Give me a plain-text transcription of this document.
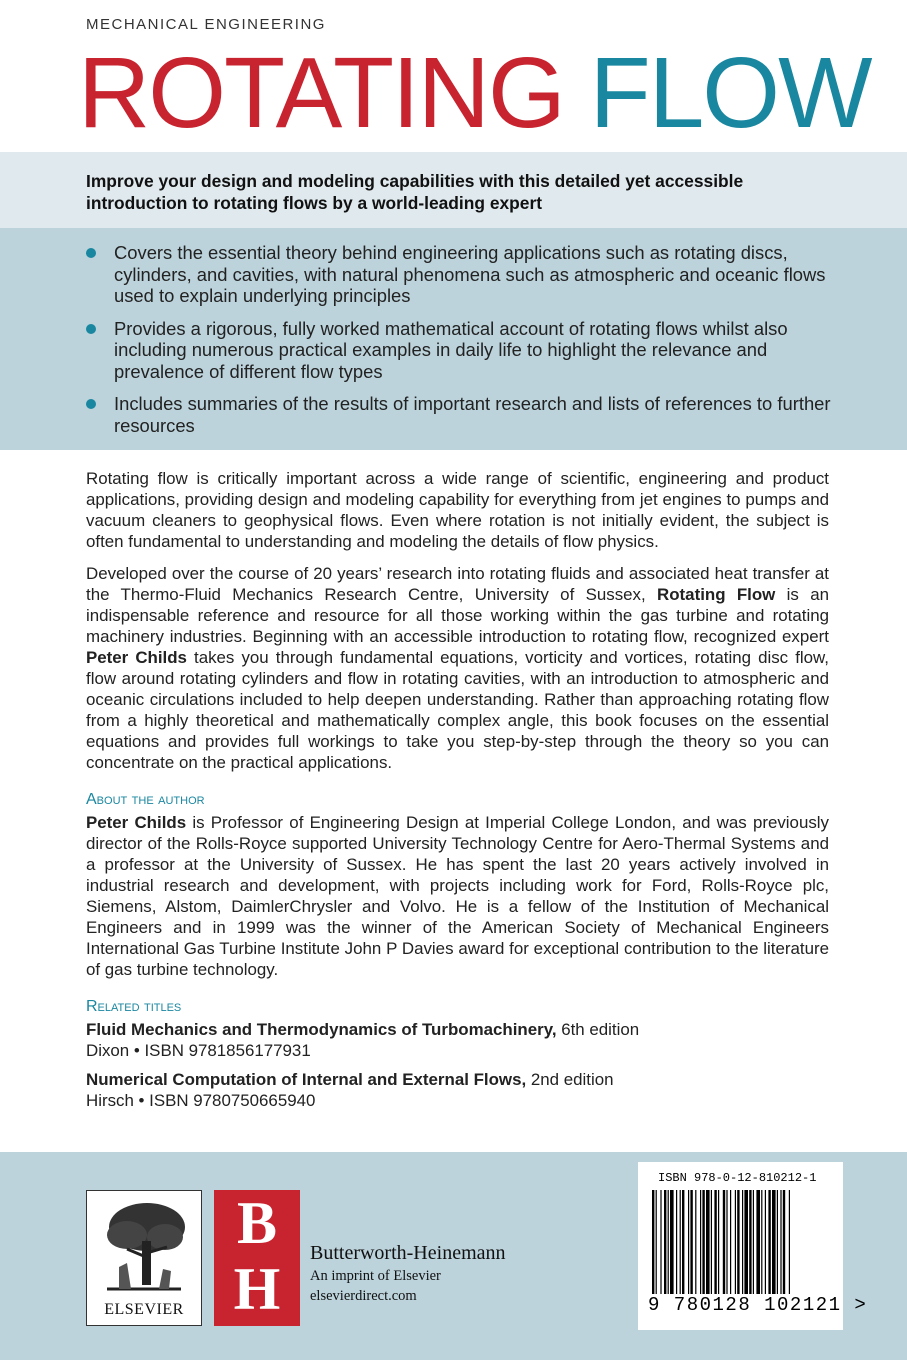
MECHANICAL ENGINEERING
ROTATING FLOW
Improve your design and modeling capabilities with this detailed yet accessible introduction to rotating flows by a world-leading expert
Covers the essential theory behind engineering applications such as rotating discs, cylinders, and cavities, with natural phenomena such as atmospheric and oceanic flows used to explain underlying principles
Provides a rigorous, fully worked mathematical account of rotating flows whilst also including numerous practical examples in daily life to highlight the relevance and prevalence of different flow types
Includes summaries of the results of important research and lists of references to further resources

Rotating flow is critically important across a wide range of scientific, engineering and product applications, providing design and modeling capability for everything from jet engines to pumps and vacuum cleaners to geophysical flows. Even where rotation is not initially evident, the subject is often fundamental to understanding and modeling the details of flow physics.

Developed over the course of 20 years’ research into rotating fluids and associated heat transfer at the Thermo-Fluid Mechanics Research Centre, University of Sussex, Rotating Flow is an indispensable reference and resource for all those working within the gas turbine and rotating machinery industries. Beginning with an accessible introduction to rotating flow, recognized expert Peter Childs takes you through fundamental equations, vorticity and vortices, rotating disc flow, flow around rotating cylinders and flow in rotating cavities, with an introduction to atmospheric and oceanic circulations included to help deepen understanding. Rather than approaching rotating flow from a highly theoretical and mathematically complex angle, this book focuses on the essential equations and provides full workings to take you step-by-step through the theory so you can concentrate on the practical applications.

About the author

Peter Childs is Professor of Engineering Design at Imperial College London, and was previously director of the Rolls-Royce supported University Technology Centre for Aero-Thermal Systems and a professor at the University of Sussex. He has spent the last 20 years actively involved in industrial research and development, with projects including work for Ford, Rolls-Royce plc, Siemens, Alstom, DaimlerChrysler and Volvo. He is a fellow of the Institution of Mechanical Engineers and in 1999 was the winner of the American Society of Mechanical Engineers International Gas Turbine Institute John P Davies award for exceptional contribution to the literature of gas turbine technology.

Related titles

Fluid Mechanics and Thermodynamics of Turbomachinery, 6th edition
Dixon • ISBN 9781856177931
Numerical Computation of Internal and External Flows, 2nd edition
Hirsch • ISBN 9780750665940
ELSEVIER
B
H
Butterworth-Heinemann
An imprint of Elsevier
elsevierdirect.com
ISBN 978-0-12-810212-1
9 780128 102121 >
